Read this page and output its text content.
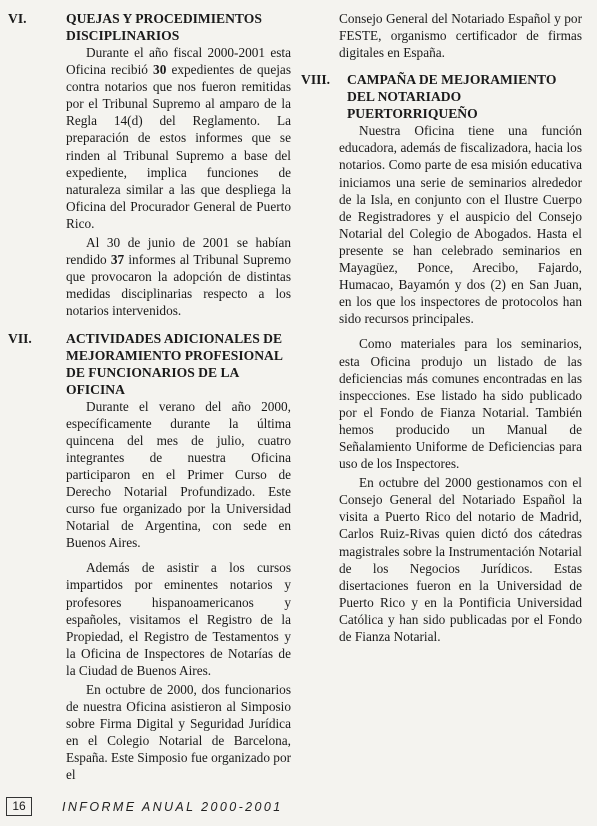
VI.	QUEJAS Y PROCEDIMIENTOS DISCIPLINARIOS

Durante el año fiscal 2000-2001 esta Oficina recibió 30 expedientes de quejas contra notarios que nos fueron remitidas por el Tribunal Supremo al amparo de la Regla 14(d) del Reglamento. La preparación de estos informes que se rinden al Tribunal Supremo a base del expediente, implica funciones de naturaleza similar a las que despliega la Oficina del Procurador General de Puerto Rico.

Al 30 de junio de 2001 se habían rendido 37 informes al Tribunal Supremo que provocaron la adopción de distintas medidas disciplinarias respecto a los notarios intervenidos.

VII.	ACTIVIDADES ADICIONALES DE MEJORAMIENTO PROFESIONAL DE FUNCIONARIOS DE LA OFICINA

Durante el verano del año 2000, específicamente durante la última quincena del mes de julio, cuatro integrantes de nuestra Oficina participaron en el Primer Curso de Derecho Notarial Profundizado. Este curso fue organizado por la Universidad Notarial de Argentina, con sede en Buenos Aires.

Además de asistir a los cursos impartidos por eminentes notarios y profesores hispanoamericanos y españoles, visitamos el Registro de la Propiedad, el Registro de Testamentos y la Oficina de Inspectores de Notarías de la Ciudad de Buenos Aires.

En octubre de 2000, dos funcionarios de nuestra Oficina asistieron al Simposio sobre Firma Digital y Seguridad Jurídica en el Colegio Notarial de Barcelona, España. Este Simposio fue organizado por el

Consejo General del Notariado Español y por FESTE, organismo certificador de firmas digitales en España.

VIII.	CAMPAÑA DE MEJORAMIENTO DEL NOTARIADO PUERTORRIQUEÑO

Nuestra Oficina tiene una función educadora, además de fiscalizadora, hacia los notarios. Como parte de esa misión educativa iniciamos una serie de seminarios alrededor de la Isla, en conjunto con el Ilustre Cuerpo de Registradores y el auspicio del Consejo Notarial del Colegio de Abogados. Hasta el presente se han celebrado seminarios en Mayagüez, Ponce, Arecibo, Fajardo, Humacao, Bayamón y dos (2) en San Juan, en los que los inspectores de protocolos han sido recursos principales.

Como materiales para los seminarios, esta Oficina produjo un listado de las deficiencias más comunes encontradas en las inspecciones. Ese listado ha sido publicado por el Fondo de Fianza Notarial. También hemos producido un Manual de Señalamiento Uniforme de Deficiencias para uso de los Inspectores.

En octubre del 2000 gestionamos con el Consejo General del Notariado Español la visita a Puerto Rico del notario de Madrid, Carlos Ruiz-Rivas quien dictó dos cátedras magistrales sobre la Instrumentación Notarial de los Negocios Jurídicos. Estas disertaciones fueron en la Universidad de Puerto Rico y en la Pontificia Universidad Católica y han sido publicadas por el Fondo de Fianza Notarial.

16	INFORME ANUAL 2000-2001
